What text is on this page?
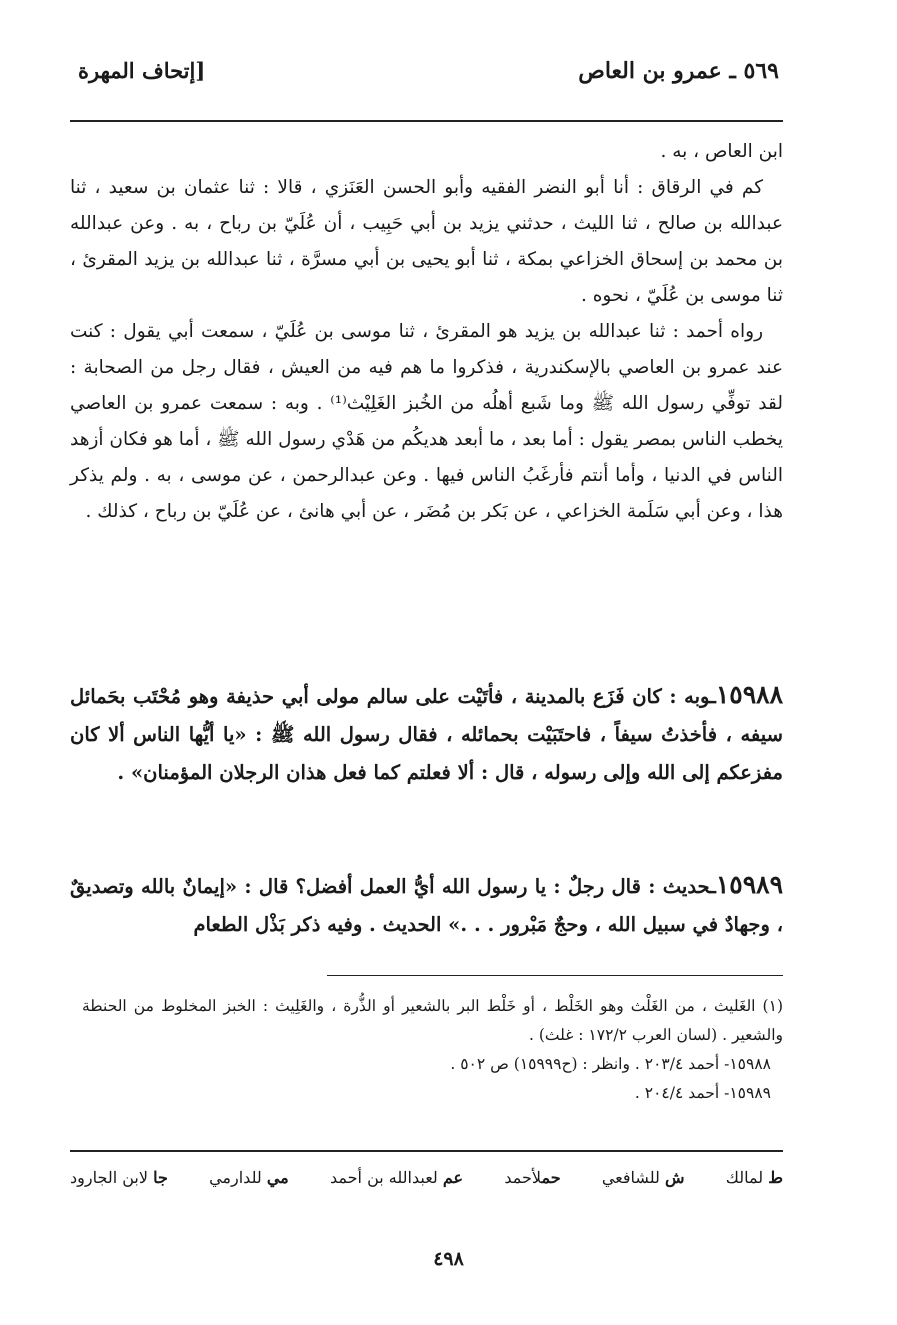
٥٦٩ ـ عمرو بن العاص
[إتحاف المهرة

ابن العاص ، به .

كم في الرقاق : أنا أبو النضر الفقيه وأبو الحسن العَنَزي ، قالا : ثنا عثمان بن سعيد ، ثنا عبدالله بن صالح ، ثنا الليث ، حدثني يزيد بن أبي حَبِيب ، أن عُلَيّ بن رباح ، به . وعن عبدالله بن محمد بن إسحاق الخزاعي بمكة ، ثنا أبو يحيى بن أبي مسرَّة ، ثنا عبدالله بن يزيد المقرئ ، ثنا موسى بن عُلَيّ ، نحوه .

رواه أحمد : ثنا عبدالله بن يزيد هو المقرئ ، ثنا موسى بن عُلَيّ ، سمعت أبي يقول : كنت عند عمرو بن العاصي بالإسكندرية ، فذكروا ما هم فيه من العيش ، فقال رجل من الصحابة : لقد توفِّي رسول الله ﷺ وما شَبع أهلُه من الخُبز الغَلِيْث⁽¹⁾ . وبه : سمعت عمرو بن العاصي يخطب الناس بمصر يقول : أما بعد ، ما أبعد هديكُم من هَدْي رسول الله ﷺ ، أما هو فكان أزهد الناس في الدنيا ، وأما أنتم فأرغَبُ الناس فيها . وعن عبدالرحمن ، عن موسى ، به . ولم يذكر هذا ، وعن أبي سَلَمة الخزاعي ، عن بَكر بن مُضَر ، عن أبي هانئ ، عن عُلَيّ بن رباح ، كذلك .

١٥٩٨٨ـوبه : كان فَزَع بالمدينة ، فأتَيْت على سالم مولى أبي حذيفة وهو مُحْتَب بحَمائل سيفه ، فأخذتُ سيفاً ، فاحتَبَيْت بحمائله ، فقال رسول الله ﷺ : «يا أيُّها الناس ألا كان مفزعكم إلى الله وإلى رسوله ، قال : ألا فعلتم كما فعل هذان الرجلان المؤمنان» .
١٥٩٨٩ـحديث : قال رجلٌ : يا رسول الله أيُّ العمل أفضل؟ قال : «إيمانٌ بالله وتصديقٌ ، وجهادٌ في سبيل الله ، وحجٌ مَبْرور . . .» الحديث . وفيه ذكر بَذْل الطعام

(١) الغَليث ، من الغَلْث وهو الخَلْط ، أو خَلْط البر بالشعير أو الذُّرة ، والغَلِيث : الخبز المخلوط من الحنطة والشعير . (لسان العرب ١٧٢/٢ : غلث) .

١٥٩٨٨- أحمد ٢٠٣/٤ . وانظر : (ح١٥٩٩٩) ص ٥٠٢ .

١٥٩٨٩- أحمد ٢٠٤/٤ .

ط لمالك
ش للشافعي
حملأحمد
عم لعبدالله بن أحمد
مي للدارمي
جا لابن الجارود
٤٩٨
